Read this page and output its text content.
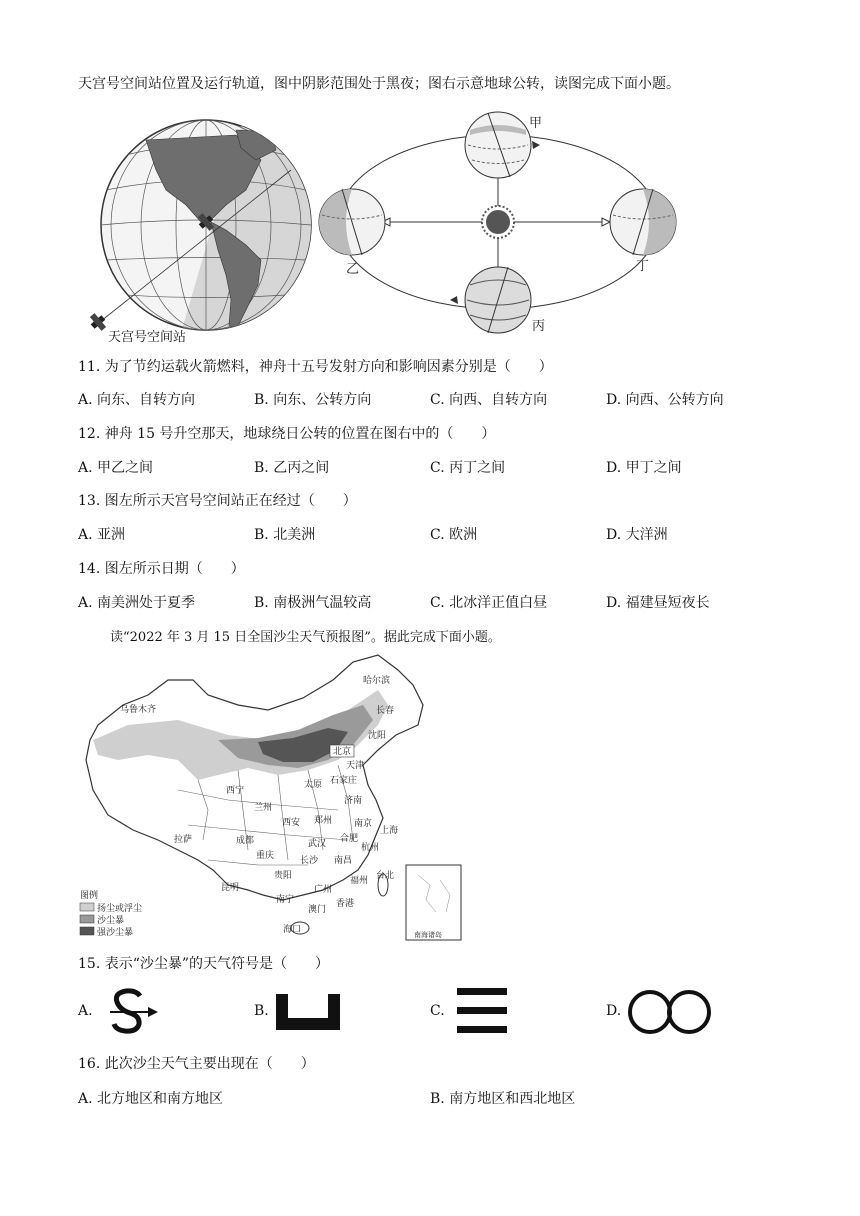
天宫号空间站位置及运行轨道，图中阴影范围处于黑夜；图右示意地球公转，读图完成下面小题。
天宫号空间站
甲
乙
丙
丁
11. 为了节约运载火箭燃料，神舟十五号发射方向和影响因素分别是（　　）
A. 向东、自转方向	B. 向东、公转方向	C. 向西、自转方向	D. 向西、公转方向
12. 神舟 15 号升空那天，地球绕日公转的位置在图右中的（　　）
A. 甲乙之间	B. 乙丙之间	C. 丙丁之间	D. 甲丁之间
13. 图左所示天宫号空间站正在经过（　　）
A. 亚洲	B. 北美洲	C. 欧洲	D. 大洋洲
14. 图左所示日期（　　）
A. 南美洲处于夏季	B. 南极洲气温较高	C. 北冰洋正值白昼	D. 福建昼短夜长
读“2022 年 3 月 15 日全国沙尘天气预报图”。据此完成下面小题。
南海诸岛
乌鲁木齐
哈尔滨
长春
沈阳
北京
天津
石家庄
太原
济南
西宁
兰州
郑州
西安	南京
上海
合肥
武汉	杭州
拉萨	成都
重庆	长沙 南昌
福州 台北
贵阳
昆明
南宁
广州
香港
澳门
海口
图例
扬尘或浮尘
沙尘暴
强沙尘暴
15. 表示“沙尘暴”的天气符号是（　　）
A.	B.	C.	D.
16. 此次沙尘天气主要出现在（　　）
A. 北方地区和南方地区	B. 南方地区和西北地区
